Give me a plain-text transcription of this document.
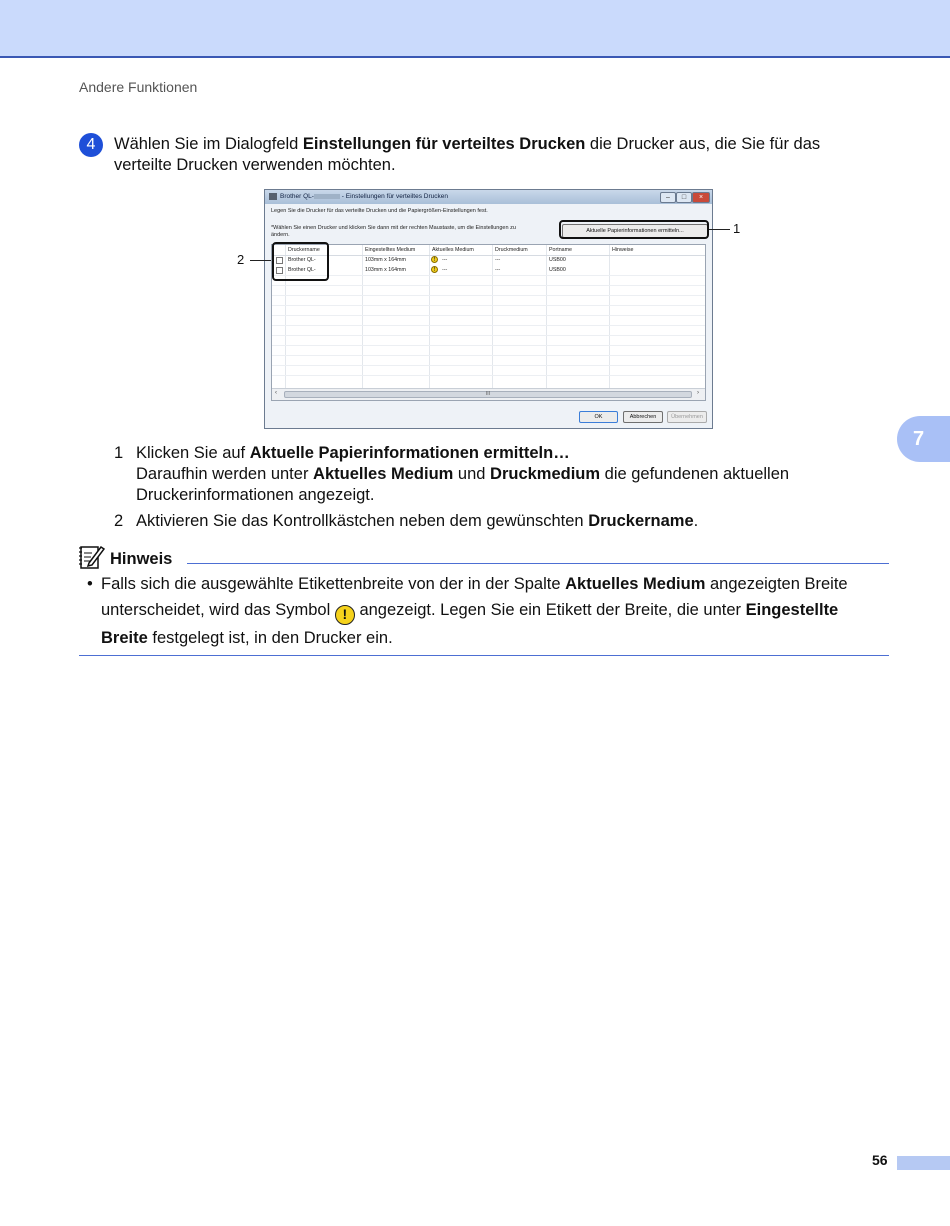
Andere Funktionen
7
4	Wählen Sie im Dialogfeld Einstellungen für verteiltes Drucken die Drucker aus, die Sie für das verteilte Drucken verwenden möchten.
Brother QL-	- Einstellungen für verteiltes Drucken	–	□	×
Legen Sie die Drucker für das verteilte Drucken und die Papiergrößen-Einstellungen fest.
*Wählen Sie einen Drucker und klicken Sie dann mit der rechten Maustaste, um die Einstellungen zu ändern.
Aktuelle Papierinformationen ermitteln...
Druckername	Eingestelltes Medium	Aktuelles Medium	Druckmedium	Portname	Hinweise
Brother QL-	103mm x 164mm	!	---	---	USB00
Brother QL-	103mm x 164mm	!	---	---	USB00
‹	III	›
OK	Abbrechen	Übernehmen
1
2
1 Klicken Sie auf Aktuelle Papierinformationen ermitteln…
Daraufhin werden unter Aktuelles Medium und Druckmedium die gefundenen aktuellen Druckerinformationen angezeigt.
2 Aktivieren Sie das Kontrollkästchen neben dem gewünschten Druckername.
Hinweis
• Falls sich die ausgewählte Etikettenbreite von der in der Spalte Aktuelles Medium angezeigten Breite unterscheidet, wird das Symbol ! angezeigt. Legen Sie ein Etikett der Breite, die unter Eingestellte Breite festgelegt ist, in den Drucker ein.
56
